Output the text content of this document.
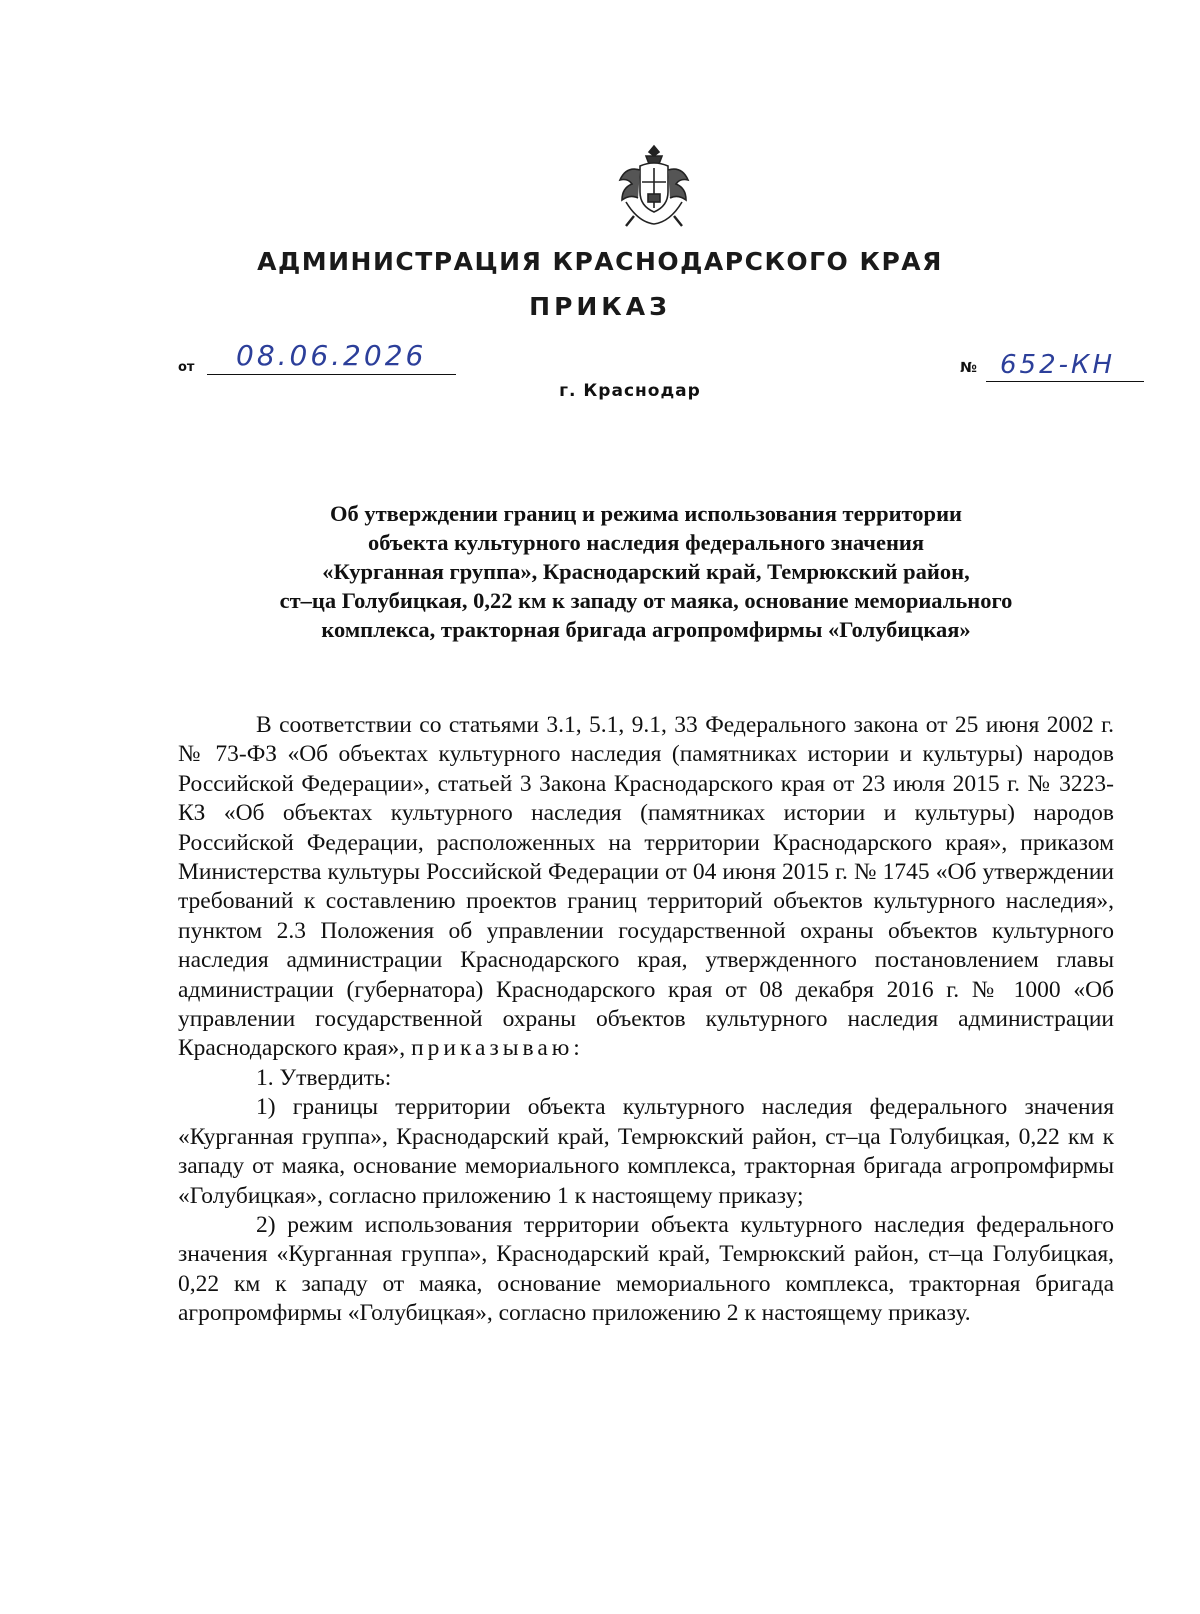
АДМИНИСТРАЦИЯ КРАСНОДАРСКОГО КРАЯ
ПРИКАЗ
от 08.06.2026
г. Краснодар
№ 652-КН
Об утверждении границ и режима использования территории
объекта культурного наследия федерального значения
«Курганная группа», Краснодарский край, Темрюкский район,
ст–ца Голубицкая, 0,22 км к западу от маяка, основание мемориального
комплекса, тракторная бригада агропромфирмы «Голубицкая»

В соответствии со статьями 3.1, 5.1, 9.1, 33 Федерального закона от 25 июня 2002 г. № 73-ФЗ «Об объектах культурного наследия (памятниках истории и культуры) народов Российской Федерации», статьей 3 Закона Краснодарского края от 23 июля 2015 г. № 3223-КЗ «Об объектах культурного наследия (памятниках истории и культуры) народов Российской Федерации, расположенных на территории Краснодарского края», приказом Министерства культуры Российской Федерации от 04 июня 2015 г. № 1745 «Об утверждении требований к составлению проектов границ территорий объектов культурного наследия», пунктом 2.3 Положения об управлении государственной охраны объектов культурного наследия администрации Краснодарского края, утвержденного постановлением главы администрации (губернатора) Краснодарского края от 08 декабря 2016 г. № 1000 «Об управлении государственной охраны объектов культурного наследия администрации Краснодарского края», приказываю:

1. Утвердить:

1) границы территории объекта культурного наследия федерального значения «Курганная группа», Краснодарский край, Темрюкский район, ст–ца Голубицкая, 0,22 км к западу от маяка, основание мемориального комплекса, тракторная бригада агропромфирмы «Голубицкая», согласно приложению 1 к настоящему приказу;

2) режим использования территории объекта культурного наследия федерального значения «Курганная группа», Краснодарский край, Темрюкский район, ст–ца Голубицкая, 0,22 км к западу от маяка, основание мемориального комплекса, тракторная бригада агропромфирмы «Голубицкая», согласно приложению 2 к настоящему приказу.
